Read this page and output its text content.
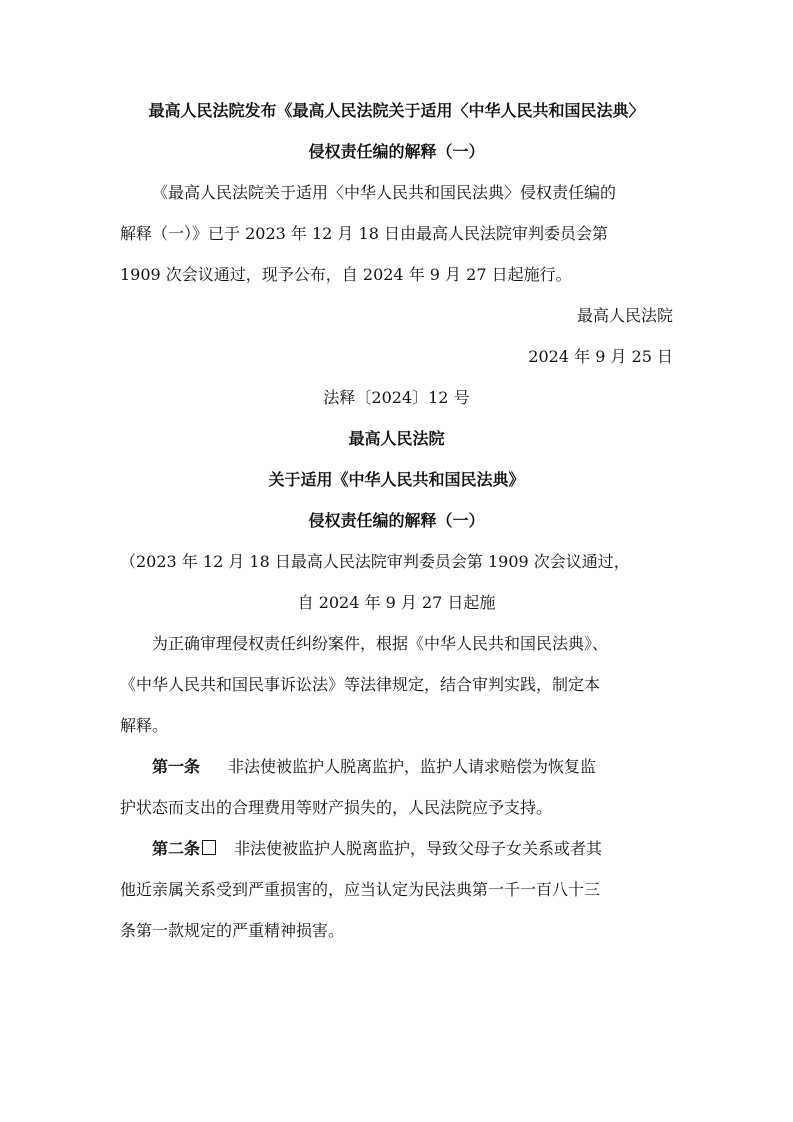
最高人民法院发布《最高人民法院关于适用〈中华人民共和国民法典〉
侵权责任编的解释（一）
《最高人民法院关于适用〈中华人民共和国民法典〉侵权责任编的
解释（一）》已于 2023 年 12 月 18 日由最高人民法院审判委员会第
1909 次会议通过，现予公布，自 2024 年 9 月 27 日起施行。
最高人民法院
2024 年 9 月 25 日
法释〔2024〕12 号
最高人民法院
关于适用《中华人民共和国民法典》
侵权责任编的解释（一）
（2023 年 12 月 18 日最高人民法院审判委员会第 1909 次会议通过，
自 2024 年 9 月 27 日起施
为正确审理侵权责任纠纷案件，根据《中华人民共和国民法典》、
《中华人民共和国民事诉讼法》等法律规定，结合审判实践，制定本
解释。
第一条 非法使被监护人脱离监护，监护人请求赔偿为恢复监
护状态而支出的合理费用等财产损失的，人民法院应予支持。
第二条 非法使被监护人脱离监护，导致父母子女关系或者其
他近亲属关系受到严重损害的，应当认定为民法典第一千一百八十三
条第一款规定的严重精神损害。
